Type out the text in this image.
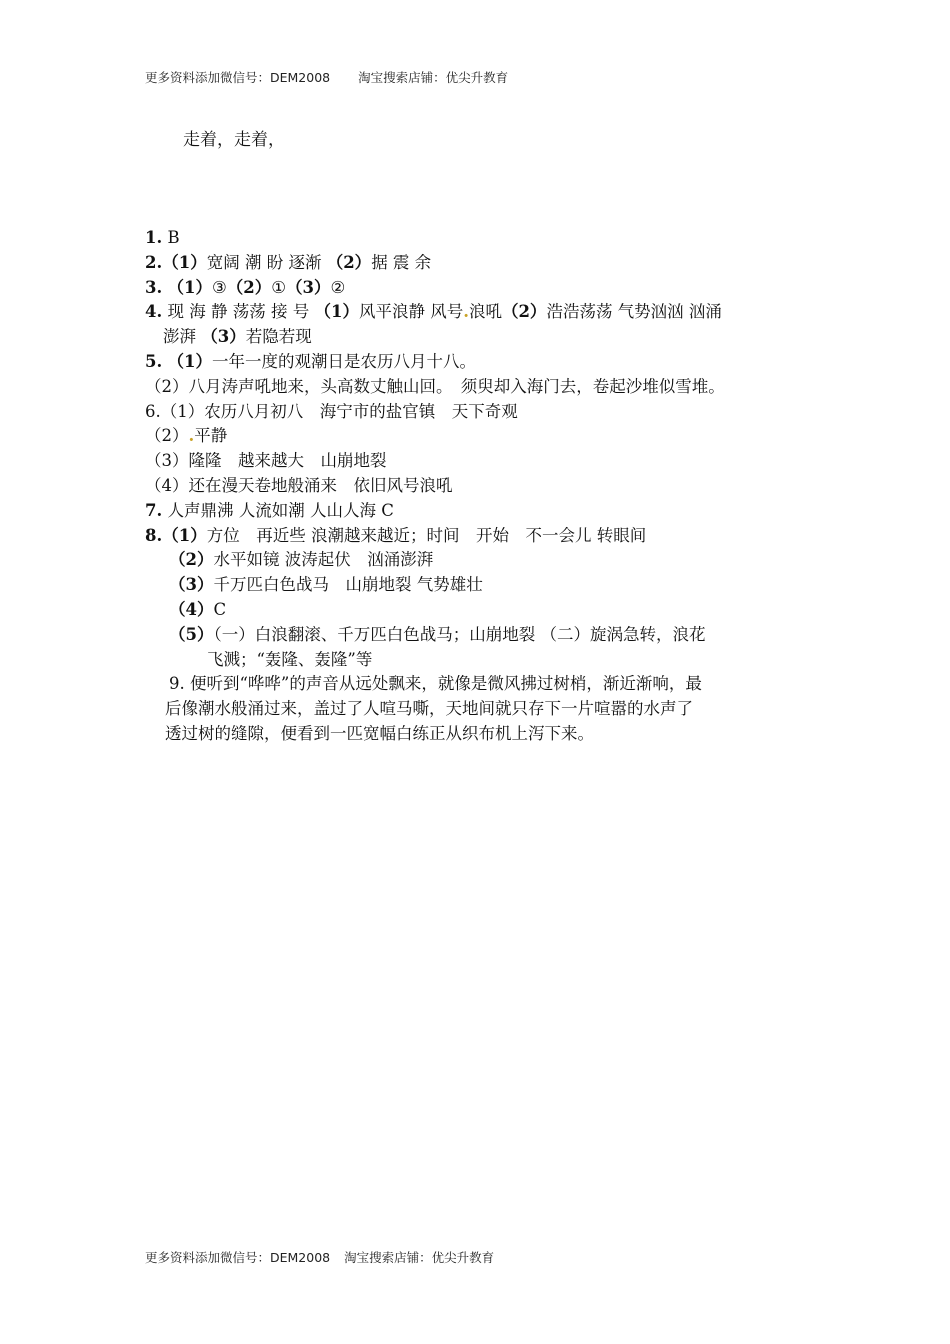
更多资料添加微信号：DEM2008 淘宝搜索店铺：优尖升教育
走着，走着，
1. B
2.（1）宽阔 潮 盼 逐渐 （2）据 震 余
3. （1）③（2）①（3）②
4. 现 海 静 荡荡 接 号 （1）风平浪静 风号.浪吼（2）浩浩荡荡 气势汹汹 汹涌
澎湃 （3）若隐若现
5. （1）一年一度的观潮日是农历八月十八。
（2）八月涛声吼地来，头高数丈触山回。　须臾却入海门去，卷起沙堆似雪堆。
6.（1）农历八月初八　海宁市的盐官镇　天下奇观
（2）.平静
（3）隆隆　越来越大　山崩地裂
（4）还在漫天卷地般涌来　依旧风号浪吼
7. 人声鼎沸 人流如潮 人山人海 C
8.（1）方位　再近些 浪潮越来越近；时间　开始　不一会儿 转眼间
（2）水平如镜 波涛起伏　汹涌澎湃
（3）千万匹白色战马　山崩地裂 气势雄壮
（4）C
（5）（一）白浪翻滚、千万匹白色战马；山崩地裂 （二）旋涡急转，浪花
飞溅；“轰隆、轰隆”等
9. 便听到“哗哗”的声音从远处飘来，就像是微风拂过树梢，渐近渐响，最
后像潮水般涌过来，盖过了人喧马嘶，天地间就只存下一片喧嚣的水声了
透过树的缝隙，便看到一匹宽幅白练正从织布机上泻下来。
更多资料添加微信号：DEM2008 淘宝搜索店铺：优尖升教育
